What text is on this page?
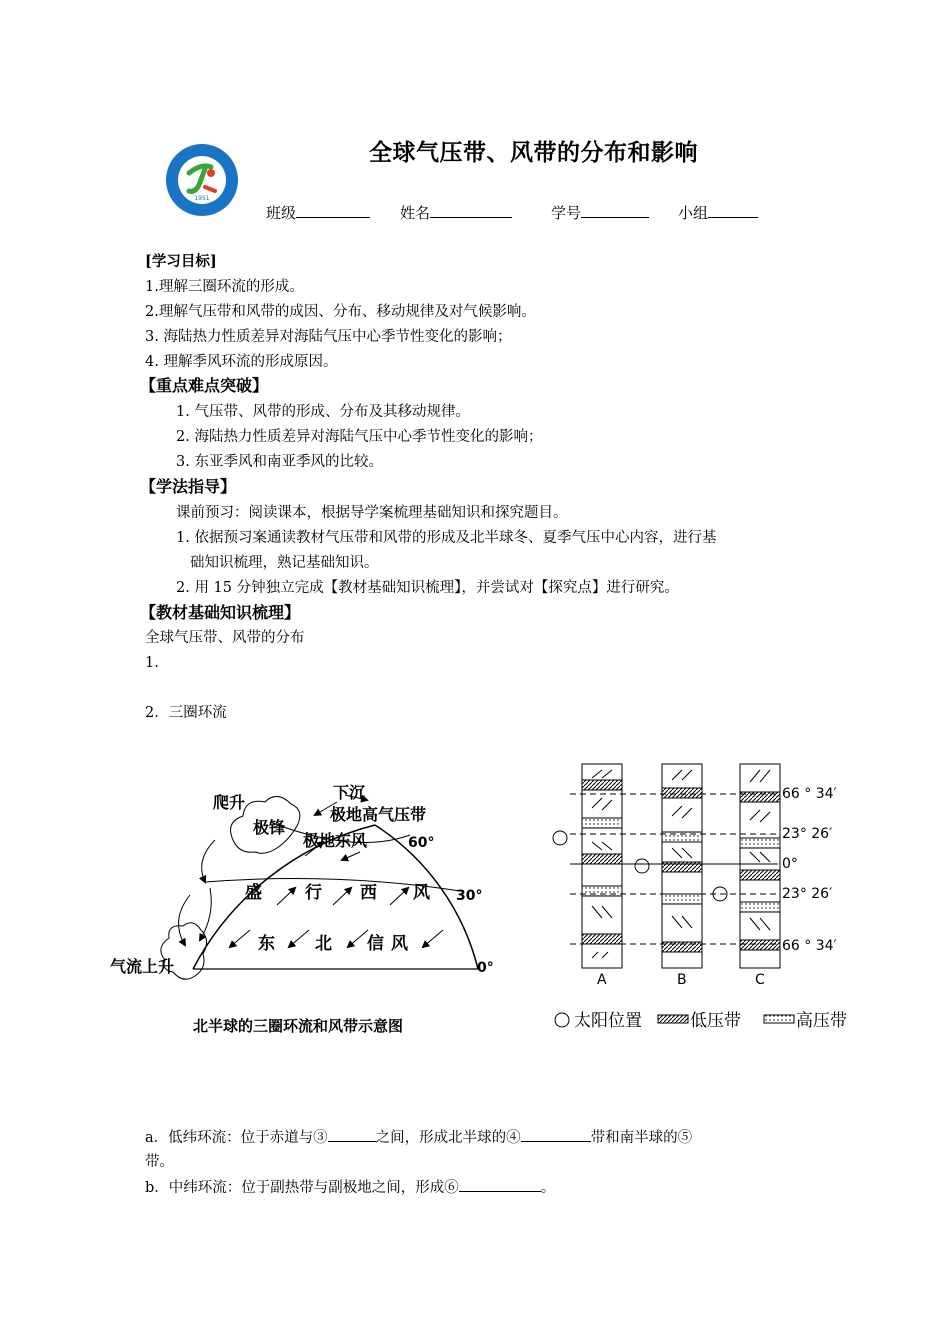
1951
全球气压带、风带的分布和影响
班级	姓名	学号	小组
[学习目标]
1.理解三圈环流的形成。
2.理解气压带和风带的成因、分布、移动规律及对气候影响。
3. 海陆热力性质差异对海陆气压中心季节性变化的影响；
4. 理解季风环流的形成原因。
【重点难点突破】
1. 气压带、风带的形成、分布及其移动规律。
2. 海陆热力性质差异对海陆气压中心季节性变化的影响；
3. 东亚季风和南亚季风的比较。
【学法指导】
课前预习：阅读课本，根据导学案梳理基础知识和探究题目。
1. 依据预习案通读教材气压带和风带的形成及北半球冬、夏季气压中心内容，进行基
础知识梳理，熟记基础知识。
2. 用 15 分钟独立完成【教材基础知识梳理】，并尝试对【探究点】进行研究。
【教材基础知识梳理】
全球气压带、风带的分布
1.
2．三圈环流
下沉
爬升
极地高气压带
极锋
极地东风	60°
盛	行 西 风 30°
东 北 信 风
气流上升	0°
北半球的三圈环流和风带示意图
66 ° 34′
23° 26′
0°
23° 26′
66 ° 34′
A	B	C
太阳位置	低压带	高压带
a．低纬环流：位于赤道与③	之间，形成北半球的④	带和南半球的⑤
带。
b．中纬环流：位于副热带与副极地之间，形成⑥	。
